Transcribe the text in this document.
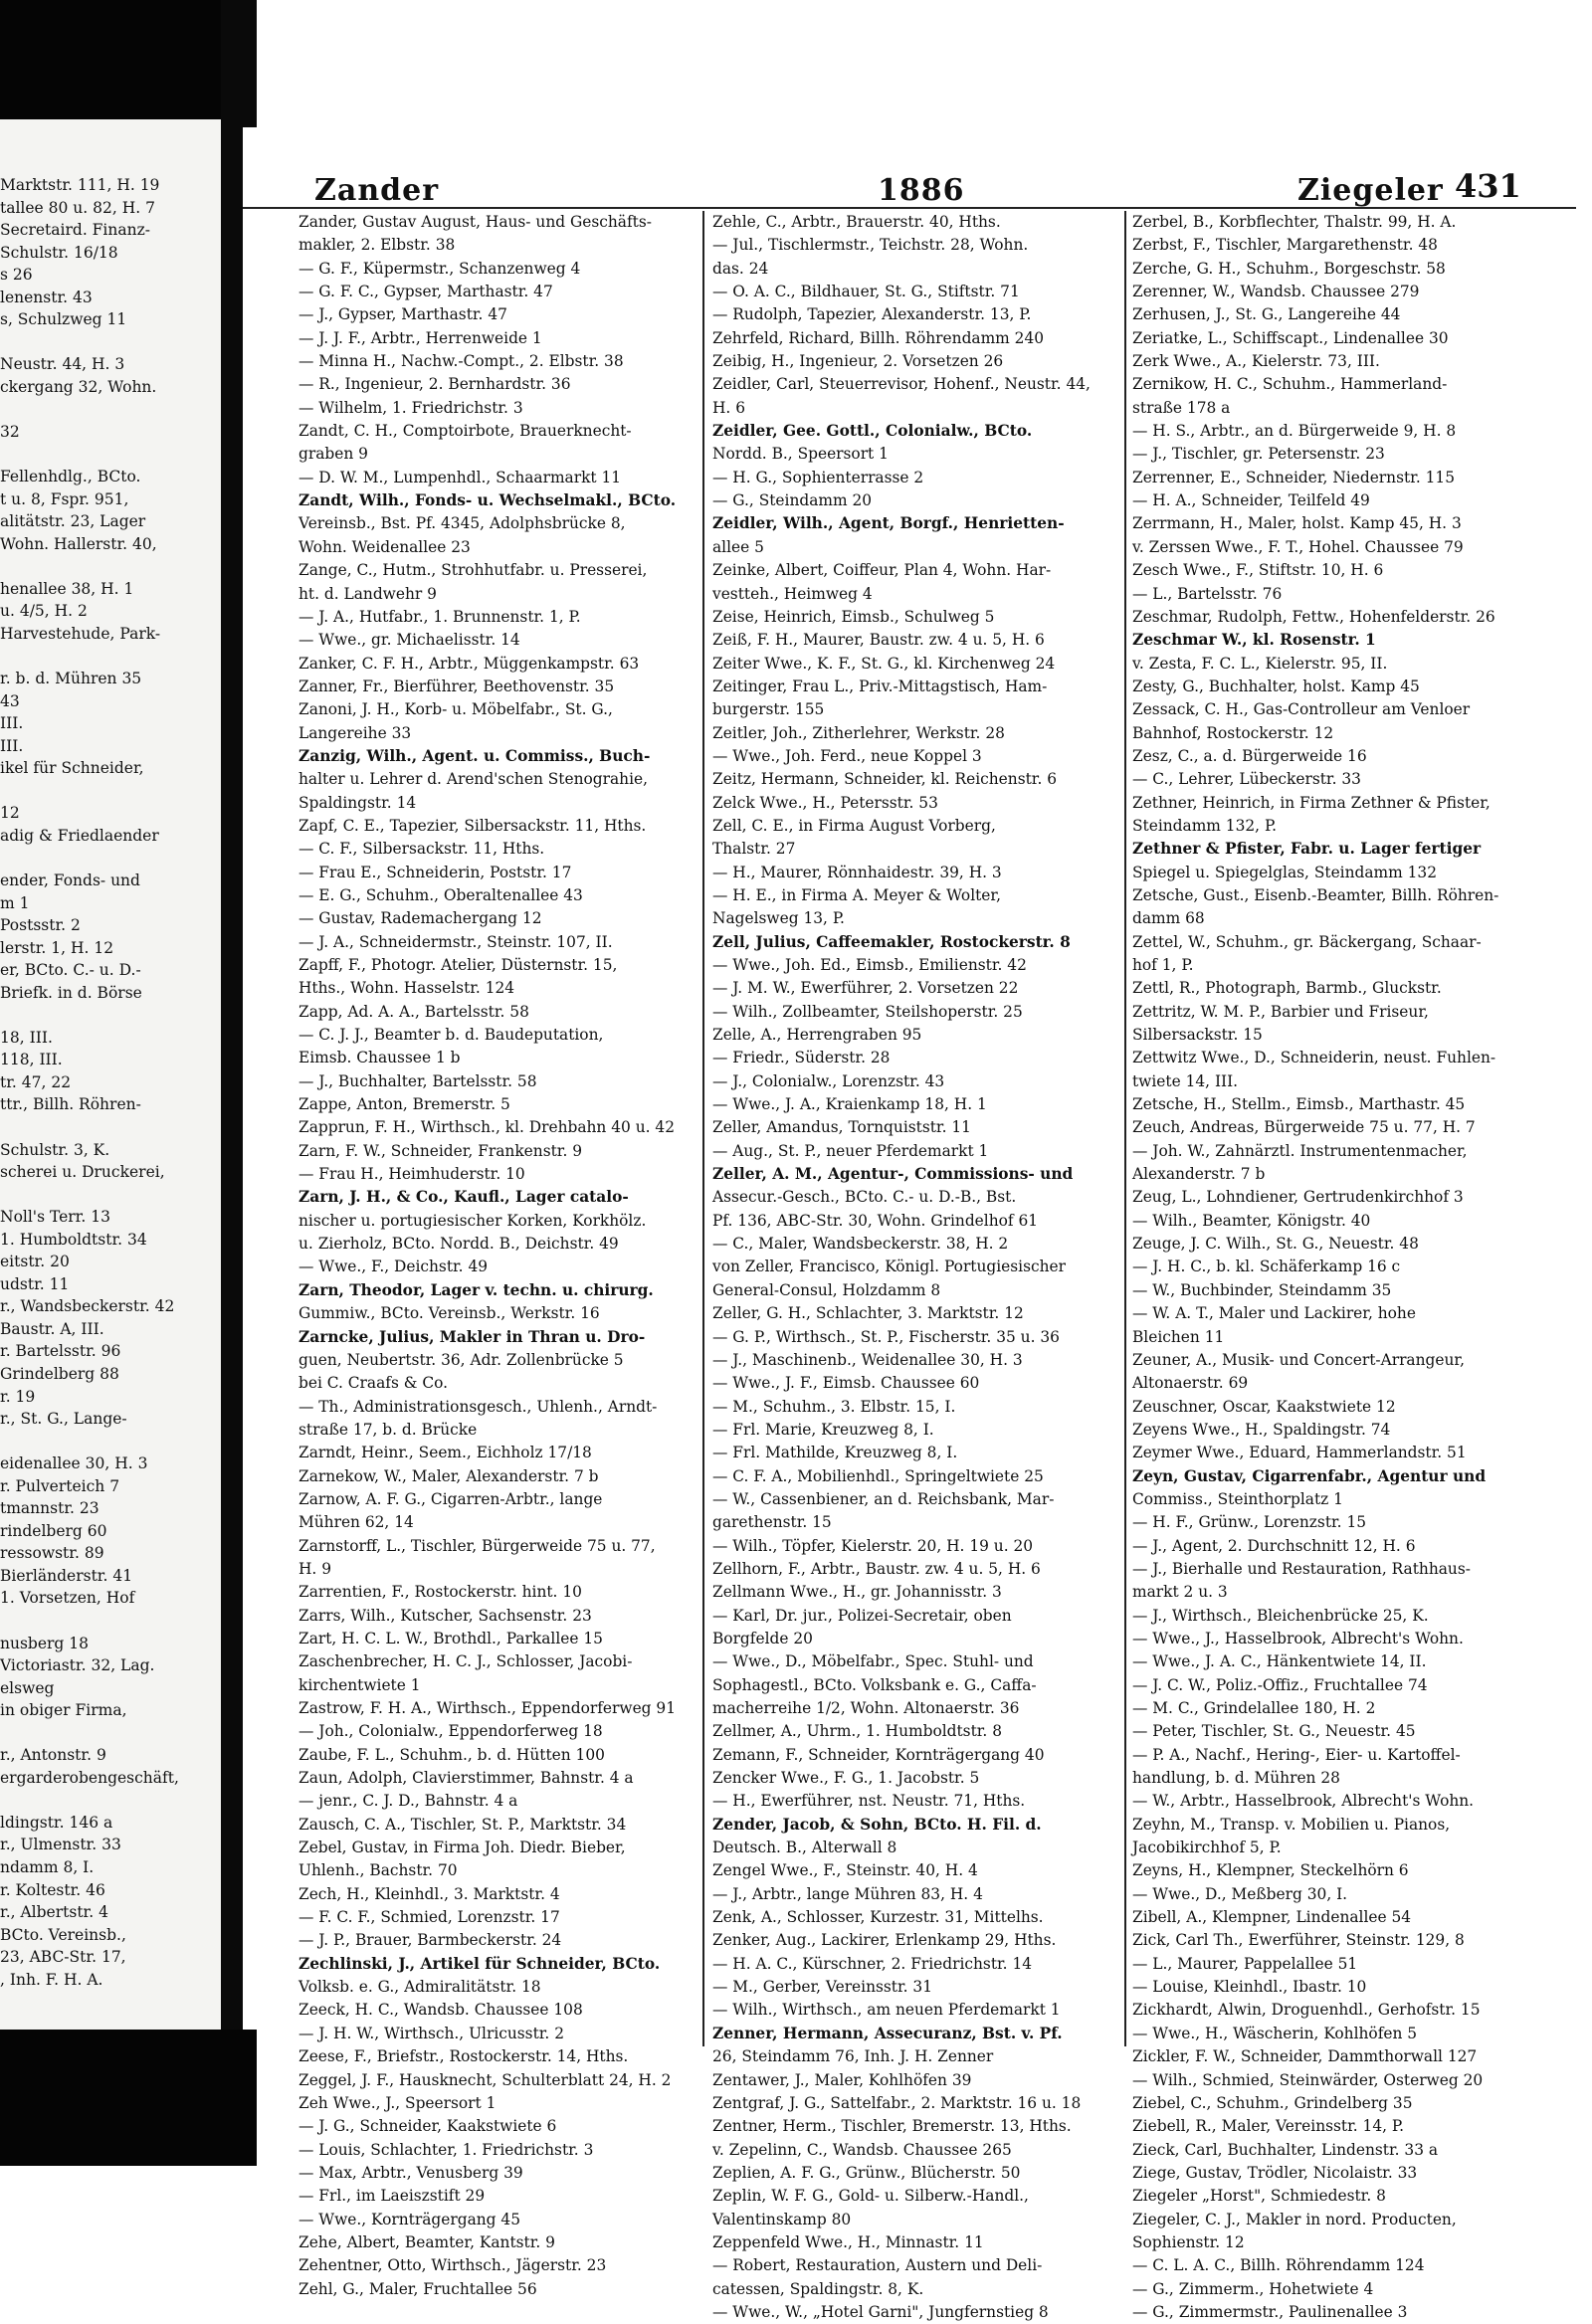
Marktstr. 111, H. 19
tallee 80 u. 82, H. 7
Secretaird. Finanz-
Schulstr. 16/18
s 26
lenenstr. 43
s, Schulzweg 11

Neustr. 44, H. 3
ckergang 32, Wohn.

32

Fellenhdlg., BCto.
t u. 8, Fspr. 951,
alitätstr. 23, Lager
Wohn. Hallerstr. 40,

henallee 38, H. 1
u. 4/5, H. 2
Harvestehude, Park-

r. b. d. Mühren 35
43
III.
III.
ikel für Schneider,

12
adig & Friedlaender

ender, Fonds- und
m 1
Postsstr. 2
lerstr. 1, H. 12
er, BCto. C.- u. D.-
Briefk. in d. Börse

18, III.
118, III.
tr. 47, 22
ttr., Billh. Röhren-

Schulstr. 3, K.
scherei u. Druckerei,

Noll's Terr. 13
1. Humboldtstr. 34
eitstr. 20
udstr. 11
r., Wandsbeckerstr. 42
Baustr. A, III.
r. Bartelsstr. 96
Grindelberg 88
r. 19
r., St. G., Lange-

eidenallee 30, H. 3
r. Pulverteich 7
tmannstr. 23
rindelberg 60
ressowstr. 89
Bierländerstr. 41
1. Vorsetzen, Hof

nusberg 18
Victoriastr. 32, Lag.
elsweg
in obiger Firma,

r., Antonstr. 9
ergarderobengeschäft,

ldingstr. 146 a
r., Ulmenstr. 33
ndamm 8, I.
r. Koltestr. 46
r., Albertstr. 4
BCto. Vereinsb.,
23, ABC-Str. 17,
, Inh. F. H. A.

Zander	1886	Ziegeler 431
Zander, Gustav August, Haus- und Geschäfts-
makler, 2. Elbstr. 38
— G. F., Küpermstr., Schanzenweg 4
— G. F. C., Gypser, Marthastr. 47
— J., Gypser, Marthastr. 47
— J. J. F., Arbtr., Herrenweide 1
— Minna H., Nachw.-Compt., 2. Elbstr. 38
— R., Ingenieur, 2. Bernhardstr. 36
— Wilhelm, 1. Friedrichstr. 3
Zandt, C. H., Comptoirbote, Brauerknecht-
graben 9
— D. W. M., Lumpenhdl., Schaarmarkt 11
Zandt, Wilh., Fonds- u. Wechselmakl., BCto.
Vereinsb., Bst. Pf. 4345, Adolphsbrücke 8,
Wohn. Weidenallee 23
Zange, C., Hutm., Strohhutfabr. u. Presserei,
ht. d. Landwehr 9
— J. A., Hutfabr., 1. Brunnenstr. 1, P.
— Wwe., gr. Michaelisstr. 14
Zanker, C. F. H., Arbtr., Müggenkampstr. 63
Zanner, Fr., Bierführer, Beethovenstr. 35
Zanoni, J. H., Korb- u. Möbelfabr., St. G.,
Langereihe 33
Zanzig, Wilh., Agent. u. Commiss., Buch-
halter u. Lehrer d. Arend'schen Stenograhie,
Spaldingstr. 14
Zapf, C. E., Tapezier, Silbersackstr. 11, Hths.
— C. F., Silbersackstr. 11, Hths.
— Frau E., Schneiderin, Poststr. 17
— E. G., Schuhm., Oberaltenallee 43
— Gustav, Rademachergang 12
— J. A., Schneidermstr., Steinstr. 107, II.
Zapff, F., Photogr. Atelier, Düsternstr. 15,
Hths., Wohn. Hasselstr. 124
Zapp, Ad. A. A., Bartelsstr. 58
— C. J. J., Beamter b. d. Baudeputation,
Eimsb. Chaussee 1 b
— J., Buchhalter, Bartelsstr. 58
Zappe, Anton, Bremerstr. 5
Zapprun, F. H., Wirthsch., kl. Drehbahn 40 u. 42
Zarn, F. W., Schneider, Frankenstr. 9
— Frau H., Heimhuderstr. 10
Zarn, J. H., & Co., Kaufl., Lager catalo-
nischer u. portugiesischer Korken, Korkhölz.
u. Zierholz, BCto. Nordd. B., Deichstr. 49
— Wwe., F., Deichstr. 49
Zarn, Theodor, Lager v. techn. u. chirurg.
Gummiw., BCto. Vereinsb., Werkstr. 16
Zarncke, Julius, Makler in Thran u. Dro-
guen, Neubertstr. 36, Adr. Zollenbrücke 5
bei C. Craafs & Co.
— Th., Administrationsgesch., Uhlenh., Arndt-
straße 17, b. d. Brücke
Zarndt, Heinr., Seem., Eichholz 17/18
Zarnekow, W., Maler, Alexanderstr. 7 b
Zarnow, A. F. G., Cigarren-Arbtr., lange
Mühren 62, 14
Zarnstorff, L., Tischler, Bürgerweide 75 u. 77,
H. 9
Zarrentien, F., Rostockerstr. hint. 10
Zarrs, Wilh., Kutscher, Sachsenstr. 23
Zart, H. C. L. W., Brothdl., Parkallee 15
Zaschenbrecher, H. C. J., Schlosser, Jacobi-
kirchentwiete 1
Zastrow, F. H. A., Wirthsch., Eppendorferweg 91
— Joh., Colonialw., Eppendorferweg 18
Zaube, F. L., Schuhm., b. d. Hütten 100
Zaun, Adolph, Clavierstimmer, Bahnstr. 4 a
— jenr., C. J. D., Bahnstr. 4 a
Zausch, C. A., Tischler, St. P., Marktstr. 34
Zebel, Gustav, in Firma Joh. Diedr. Bieber,
Uhlenh., Bachstr. 70
Zech, H., Kleinhdl., 3. Marktstr. 4
— F. C. F., Schmied, Lorenzstr. 17
— J. P., Brauer, Barmbeckerstr. 24
Zechlinski, J., Artikel für Schneider, BCto.
Volksb. e. G., Admiralitätstr. 18
Zeeck, H. C., Wandsb. Chaussee 108
— J. H. W., Wirthsch., Ulricusstr. 2
Zeese, F., Briefstr., Rostockerstr. 14, Hths.
Zeggel, J. F., Hausknecht, Schulterblatt 24, H. 2
Zeh Wwe., J., Speersort 1
— J. G., Schneider, Kaakstwiete 6
— Louis, Schlachter, 1. Friedrichstr. 3
— Max, Arbtr., Venusberg 39
— Frl., im Laeiszstift 29
— Wwe., Kornträgergang 45
Zehe, Albert, Beamter, Kantstr. 9
Zehentner, Otto, Wirthsch., Jägerstr. 23
Zehl, G., Maler, Fruchtallee 56
Zehle, C., Arbtr., Brauerstr. 40, Hths.
— Jul., Tischlermstr., Teichstr. 28, Wohn.
das. 24
— O. A. C., Bildhauer, St. G., Stiftstr. 71
— Rudolph, Tapezier, Alexanderstr. 13, P.
Zehrfeld, Richard, Billh. Röhrendamm 240
Zeibig, H., Ingenieur, 2. Vorsetzen 26
Zeidler, Carl, Steuerrevisor, Hohenf., Neustr. 44,
H. 6
Zeidler, Gee. Gottl., Colonialw., BCto.
Nordd. B., Speersort 1
— H. G., Sophienterrasse 2
— G., Steindamm 20
Zeidler, Wilh., Agent, Borgf., Henrietten-
allee 5
Zeinke, Albert, Coiffeur, Plan 4, Wohn. Har-
vestteh., Heimweg 4
Zeise, Heinrich, Eimsb., Schulweg 5
Zeiß, F. H., Maurer, Baustr. zw. 4 u. 5, H. 6
Zeiter Wwe., K. F., St. G., kl. Kirchenweg 24
Zeitinger, Frau L., Priv.-Mittagstisch, Ham-
burgerstr. 155
Zeitler, Joh., Zitherlehrer, Werkstr. 28
— Wwe., Joh. Ferd., neue Koppel 3
Zeitz, Hermann, Schneider, kl. Reichenstr. 6
Zelck Wwe., H., Petersstr. 53
Zell, C. E., in Firma August Vorberg,
Thalstr. 27
— H., Maurer, Rönnhaidestr. 39, H. 3
— H. E., in Firma A. Meyer & Wolter,
Nagelsweg 13, P.
Zell, Julius, Caffeemakler, Rostockerstr. 8
— Wwe., Joh. Ed., Eimsb., Emilienstr. 42
— J. M. W., Ewerführer, 2. Vorsetzen 22
— Wilh., Zollbeamter, Steilshoperstr. 25
Zelle, A., Herrengraben 95
— Friedr., Süderstr. 28
— J., Colonialw., Lorenzstr. 43
— Wwe., J. A., Kraienkamp 18, H. 1
Zeller, Amandus, Tornquiststr. 11
— Aug., St. P., neuer Pferdemarkt 1
Zeller, A. M., Agentur-, Commissions- und
Assecur.-Gesch., BCto. C.- u. D.-B., Bst.
Pf. 136, ABC-Str. 30, Wohn. Grindelhof 61
— C., Maler, Wandsbeckerstr. 38, H. 2
von Zeller, Francisco, Königl. Portugiesischer
General-Consul, Holzdamm 8
Zeller, G. H., Schlachter, 3. Marktstr. 12
— G. P., Wirthsch., St. P., Fischerstr. 35 u. 36
— J., Maschinenb., Weidenallee 30, H. 3
— Wwe., J. F., Eimsb. Chaussee 60
— M., Schuhm., 3. Elbstr. 15, I.
— Frl. Marie, Kreuzweg 8, I.
— Frl. Mathilde, Kreuzweg 8, I.
— C. F. A., Mobilienhdl., Springeltwiete 25
— W., Cassenbiener, an d. Reichsbank, Mar-
garethenstr. 15
— Wilh., Töpfer, Kielerstr. 20, H. 19 u. 20
Zellhorn, F., Arbtr., Baustr. zw. 4 u. 5, H. 6
Zellmann Wwe., H., gr. Johannisstr. 3
— Karl, Dr. jur., Polizei-Secretair, oben
Borgfelde 20
— Wwe., D., Möbelfabr., Spec. Stuhl- und
Sophagestl., BCto. Volksbank e. G., Caffa-
macherreihe 1/2, Wohn. Altonaerstr. 36
Zellmer, A., Uhrm., 1. Humboldtstr. 8
Zemann, F., Schneider, Kornträgergang 40
Zencker Wwe., F. G., 1. Jacobstr. 5
— H., Ewerführer, nst. Neustr. 71, Hths.
Zender, Jacob, & Sohn, BCto. H. Fil. d.
Deutsch. B., Alterwall 8
Zengel Wwe., F., Steinstr. 40, H. 4
— J., Arbtr., lange Mühren 83, H. 4
Zenk, A., Schlosser, Kurzestr. 31, Mittelhs.
Zenker, Aug., Lackirer, Erlenkamp 29, Hths.
— H. A. C., Kürschner, 2. Friedrichstr. 14
— M., Gerber, Vereinsstr. 31
— Wilh., Wirthsch., am neuen Pferdemarkt 1
Zenner, Hermann, Assecuranz, Bst. v. Pf.
26, Steindamm 76, Inh. J. H. Zenner
Zentawer, J., Maler, Kohlhöfen 39
Zentgraf, J. G., Sattelfabr., 2. Marktstr. 16 u. 18
Zentner, Herm., Tischler, Bremerstr. 13, Hths.
v. Zepelinn, C., Wandsb. Chaussee 265
Zeplien, A. F. G., Grünw., Blücherstr. 50
Zeplin, W. F. G., Gold- u. Silberw.-Handl.,
Valentinskamp 80
Zeppenfeld Wwe., H., Minnastr. 11
— Robert, Restauration, Austern und Deli-
catessen, Spaldingstr. 8, K.
— Wwe., W., „Hotel Garni", Jungfernstieg 8
Zerbel, B., Korbflechter, Thalstr. 99, H. A.
Zerbst, F., Tischler, Margarethenstr. 48
Zerche, G. H., Schuhm., Borgeschstr. 58
Zerenner, W., Wandsb. Chaussee 279
Zerhusen, J., St. G., Langereihe 44
Zeriatke, L., Schiffscapt., Lindenallee 30
Zerk Wwe., A., Kielerstr. 73, III.
Zernikow, H. C., Schuhm., Hammerland-
straße 178 a
— H. S., Arbtr., an d. Bürgerweide 9, H. 8
— J., Tischler, gr. Petersenstr. 23
Zerrenner, E., Schneider, Niedernstr. 115
— H. A., Schneider, Teilfeld 49
Zerrmann, H., Maler, holst. Kamp 45, H. 3
v. Zerssen Wwe., F. T., Hohel. Chaussee 79
Zesch Wwe., F., Stiftstr. 10, H. 6
— L., Bartelsstr. 76
Zeschmar, Rudolph, Fettw., Hohenfelderstr. 26
Zeschmar W., kl. Rosenstr. 1
v. Zesta, F. C. L., Kielerstr. 95, II.
Zesty, G., Buchhalter, holst. Kamp 45
Zessack, C. H., Gas-Controlleur am Venloer
Bahnhof, Rostockerstr. 12
Zesz, C., a. d. Bürgerweide 16
— C., Lehrer, Lübeckerstr. 33
Zethner, Heinrich, in Firma Zethner & Pfister,
Steindamm 132, P.
Zethner & Pfister, Fabr. u. Lager fertiger
Spiegel u. Spiegelglas, Steindamm 132
Zetsche, Gust., Eisenb.-Beamter, Billh. Röhren-
damm 68
Zettel, W., Schuhm., gr. Bäckergang, Schaar-
hof 1, P.
Zettl, R., Photograph, Barmb., Gluckstr.
Zettritz, W. M. P., Barbier und Friseur,
Silbersackstr. 15
Zettwitz Wwe., D., Schneiderin, neust. Fuhlen-
twiete 14, III.
Zetsche, H., Stellm., Eimsb., Marthastr. 45
Zeuch, Andreas, Bürgerweide 75 u. 77, H. 7
— Joh. W., Zahnärztl. Instrumentenmacher,
Alexanderstr. 7 b
Zeug, L., Lohndiener, Gertrudenkirchhof 3
— Wilh., Beamter, Königstr. 40
Zeuge, J. C. Wilh., St. G., Neuestr. 48
— J. H. C., b. kl. Schäferkamp 16 c
— W., Buchbinder, Steindamm 35
— W. A. T., Maler und Lackirer, hohe
Bleichen 11
Zeuner, A., Musik- und Concert-Arrangeur,
Altonaerstr. 69
Zeuschner, Oscar, Kaakstwiete 12
Zeyens Wwe., H., Spaldingstr. 74
Zeymer Wwe., Eduard, Hammerlandstr. 51
Zeyn, Gustav, Cigarrenfabr., Agentur und
Commiss., Steinthorplatz 1
— H. F., Grünw., Lorenzstr. 15
— J., Agent, 2. Durchschnitt 12, H. 6
— J., Bierhalle und Restauration, Rathhaus-
markt 2 u. 3
— J., Wirthsch., Bleichenbrücke 25, K.
— Wwe., J., Hasselbrook, Albrecht's Wohn.
— Wwe., J. A. C., Hänkentwiete 14, II.
— J. C. W., Poliz.-Offiz., Fruchtallee 74
— M. C., Grindelallee 180, H. 2
— Peter, Tischler, St. G., Neuestr. 45
— P. A., Nachf., Hering-, Eier- u. Kartoffel-
handlung, b. d. Mühren 28
— W., Arbtr., Hasselbrook, Albrecht's Wohn.
Zeyhn, M., Transp. v. Mobilien u. Pianos,
Jacobikirchhof 5, P.
Zeyns, H., Klempner, Steckelhörn 6
— Wwe., D., Meßberg 30, I.
Zibell, A., Klempner, Lindenallee 54
Zick, Carl Th., Ewerführer, Steinstr. 129, 8
— L., Maurer, Pappelallee 51
— Louise, Kleinhdl., Ibastr. 10
Zickhardt, Alwin, Droguenhdl., Gerhofstr. 15
— Wwe., H., Wäscherin, Kohlhöfen 5
Zickler, F. W., Schneider, Dammthorwall 127
— Wilh., Schmied, Steinwärder, Osterweg 20
Ziebel, C., Schuhm., Grindelberg 35
Ziebell, R., Maler, Vereinsstr. 14, P.
Zieck, Carl, Buchhalter, Lindenstr. 33 a
Ziege, Gustav, Trödler, Nicolaistr. 33
Ziegeler „Horst", Schmiedestr. 8
Ziegeler, C. J., Makler in nord. Producten,
Sophienstr. 12
— C. L. A. C., Billh. Röhrendamm 124
— G., Zimmerm., Hohetwiete 4
— G., Zimmermstr., Paulinenallee 3
